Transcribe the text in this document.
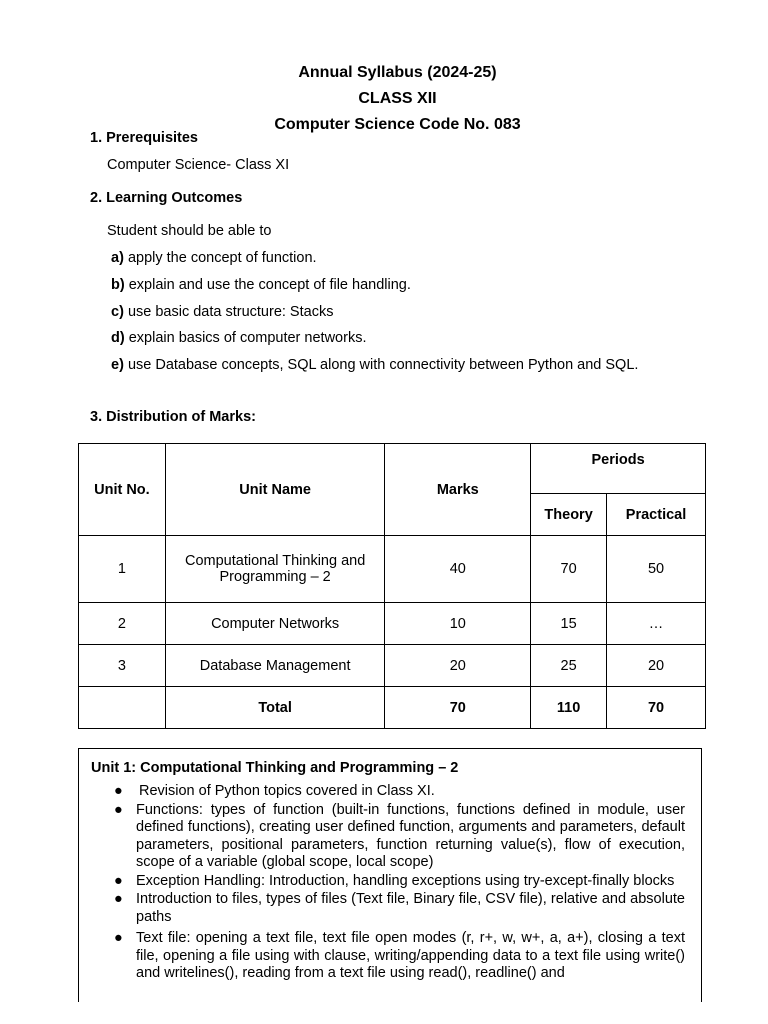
Annual Syllabus (2024-25)
CLASS XII
Computer Science Code No. 083
1. Prerequisites
Computer Science- Class XI
2. Learning Outcomes
Student should be able to
a) apply the concept of function.
b) explain and use the concept of file handling.
c) use basic data structure: Stacks
d) explain basics of computer networks.
e) use Database concepts, SQL along with connectivity between Python and SQL.
3. Distribution of Marks:
Unit No.	Unit Name	Marks	Periods	
			Theory	Practical
1	Computational Thinking and Programming – 2	40	70	50
2	Computer Networks	10	15	…
3	Database Management	20	25	20
	Total	70	110	70
Unit 1: Computational Thinking and Programming – 2
● Revision of Python topics covered in Class XI.
● Functions: types of function (built-in functions, functions defined in module, user defined functions), creating user defined function, arguments and parameters, default parameters, positional parameters, function returning value(s), flow of execution, scope of a variable (global scope, local scope)
● Exception Handling: Introduction, handling exceptions using try-except-finally blocks
● Introduction to files, types of files (Text file, Binary file, CSV file), relative and absolute paths
● Text file: opening a text file, text file open modes (r, r+, w, w+, a, a+), closing a text file, opening a file using with clause, writing/appending data to a text file using write() and writelines(), reading from a text file using read(), readline() and
